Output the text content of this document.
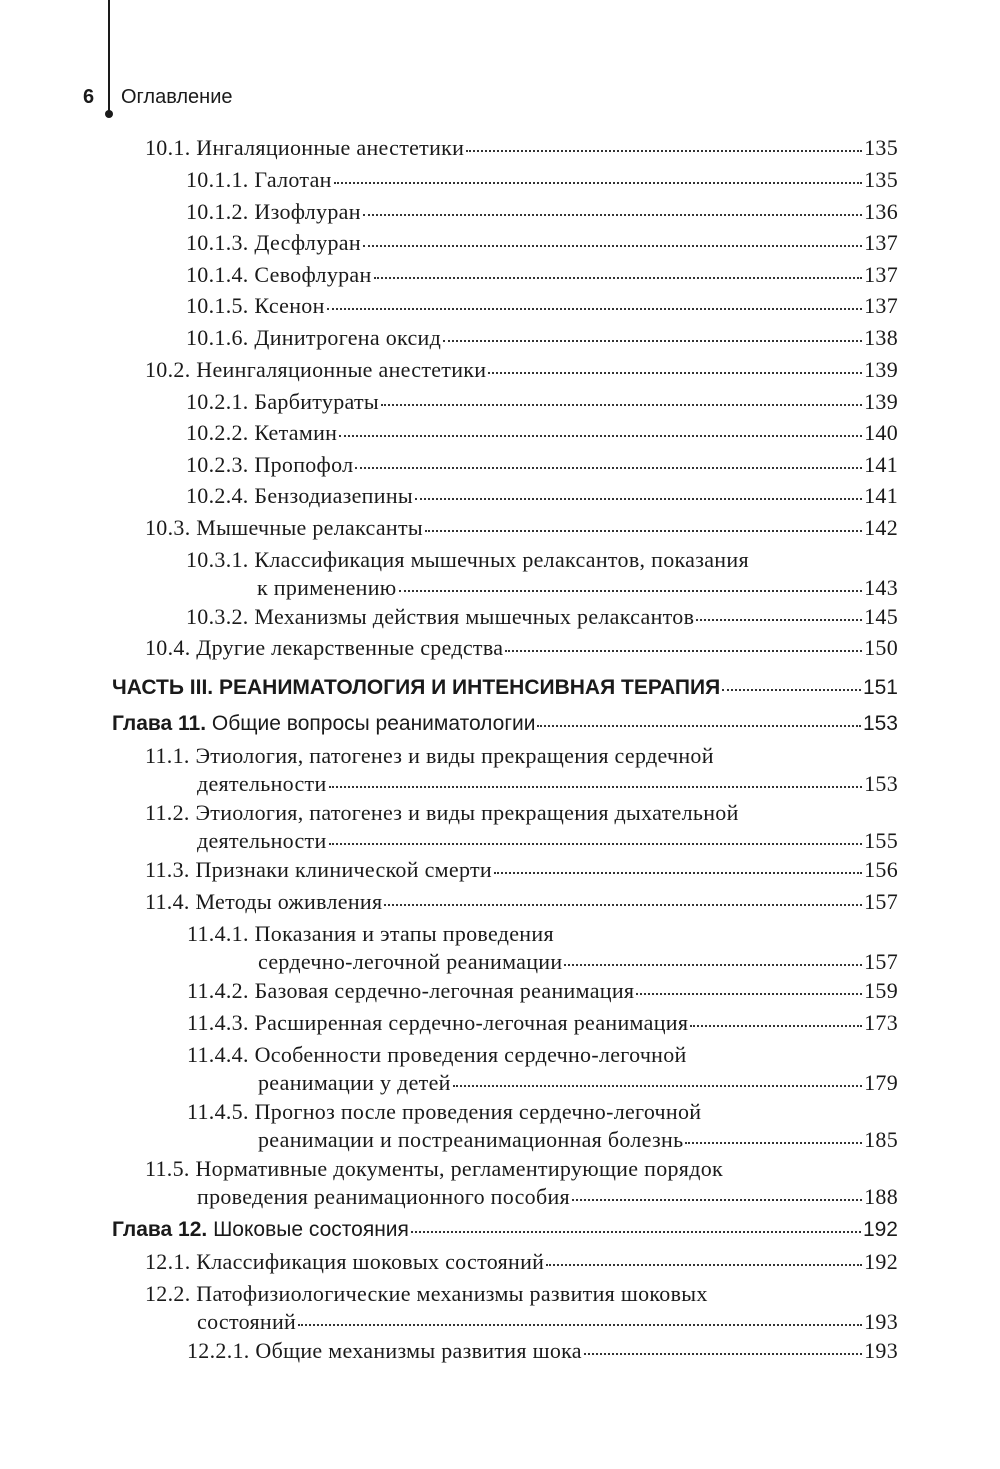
6 Оглавление
10.1. Ингаляционные анестетики	135
10.1.1. Галотан	135
10.1.2. Изофлуран	136
10.1.3. Десфлуран	137
10.1.4. Севофлуран	137
10.1.5. Ксенон	137
10.1.6. Динитрогена оксид	138
10.2. Неингаляционные анестетики	139
10.2.1. Барбитураты	139
10.2.2. Кетамин	140
10.2.3. Пропофол	141
10.2.4. Бензодиазепины	141
10.3. Мышечные релаксанты	142
10.3.1. Классификация мышечных релаксантов, показания
к применению	143
10.3.2. Механизмы действия мышечных релаксантов	145
10.4. Другие лекарственные средства	150
ЧАСТЬ III. РЕАНИМАТОЛОГИЯ И ИНТЕНСИВНАЯ ТЕРАПИЯ	151
Глава 11. Общие вопросы реаниматологии	153
11.1. Этиология, патогенез и виды прекращения сердечной
деятельности	153
11.2. Этиология, патогенез и виды прекращения дыхательной
деятельности	155
11.3. Признаки клинической смерти	156
11.4. Методы оживления	157
11.4.1. Показания и этапы проведения
сердечно-легочной реанимации	157
11.4.2. Базовая сердечно-легочная реанимация	159
11.4.3. Расширенная сердечно-легочная реанимация	173
11.4.4. Особенности проведения сердечно-легочной
реанимации у детей	179
11.4.5. Прогноз после проведения сердечно-легочной
реанимации и постреанимационная болезнь	185
11.5. Нормативные документы, регламентирующие порядок
проведения реанимационного пособия	188
Глава 12. Шоковые состояния	192
12.1. Классификация шоковых состояний	192
12.2. Патофизиологические механизмы развития шоковых
состояний	193
12.2.1. Общие механизмы развития шока	193
